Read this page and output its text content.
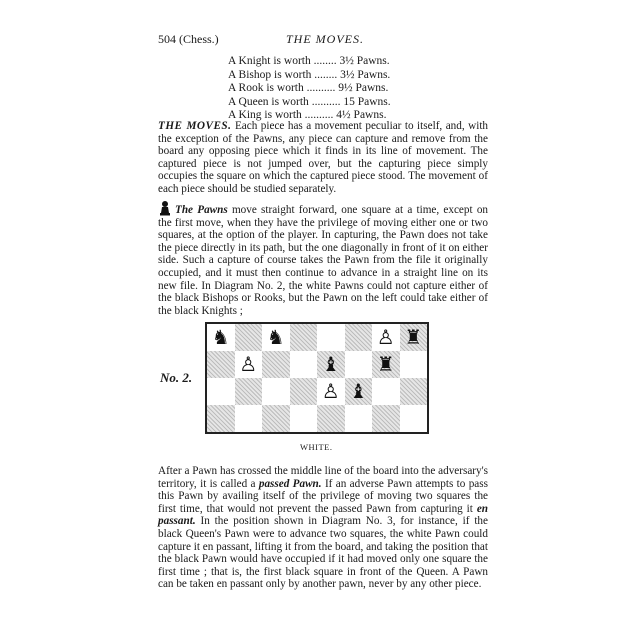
504 (Chess.)	THE MOVES.
A Knight is worth ........ 3½ Pawns.
A Bishop is worth ........ 3½ Pawns.
A Rook is worth .......... 9½ Pawns.
A Queen is worth .......... 15 Pawns.
A King is worth .......... 4½ Pawns.
THE MOVES. Each piece has a movement peculiar to itself, and, with the exception of the Pawns, any piece can capture and remove from the board any opposing piece which it finds in its line of movement. The captured piece is not jumped over, but the capturing piece simply occupies the square on which the captured piece stood. The movement of each piece should be studied separately.
The Pawns move straight forward, one square at a time, except on the first move, when they have the privilege of moving either one or two squares, at the option of the player. In capturing, the Pawn does not take the piece directly in its path, but the one diagonally in front of it on either side. Such a capture of course takes the Pawn from the file it originally occupied, and it must then continue to advance in a straight line on its new file. In Diagram No. 2, the white Pawns could not capture either of the black Bishops or Rooks, but the Pawn on the left could take either of the black Knights ;
No. 2.
♞ ♞	♙ ♜
♙	♝ ♜
♙ ♝
WHITE.
After a Pawn has crossed the middle line of the board into the adversary's territory, it is called a passed Pawn. If an adverse Pawn attempts to pass this Pawn by availing itself of the privilege of moving two squares the first time, that would not prevent the passed Pawn from capturing it en passant. In the position shown in Diagram No. 3, for instance, if the black Queen's Pawn were to advance two squares, the white Pawn could capture it en passant, lifting it from the board, and taking the position that the black Pawn would have occupied if it had moved only one square the first time ; that is, the first black square in front of the Queen. A Pawn can be taken en passant only by another pawn, never by any other piece.
